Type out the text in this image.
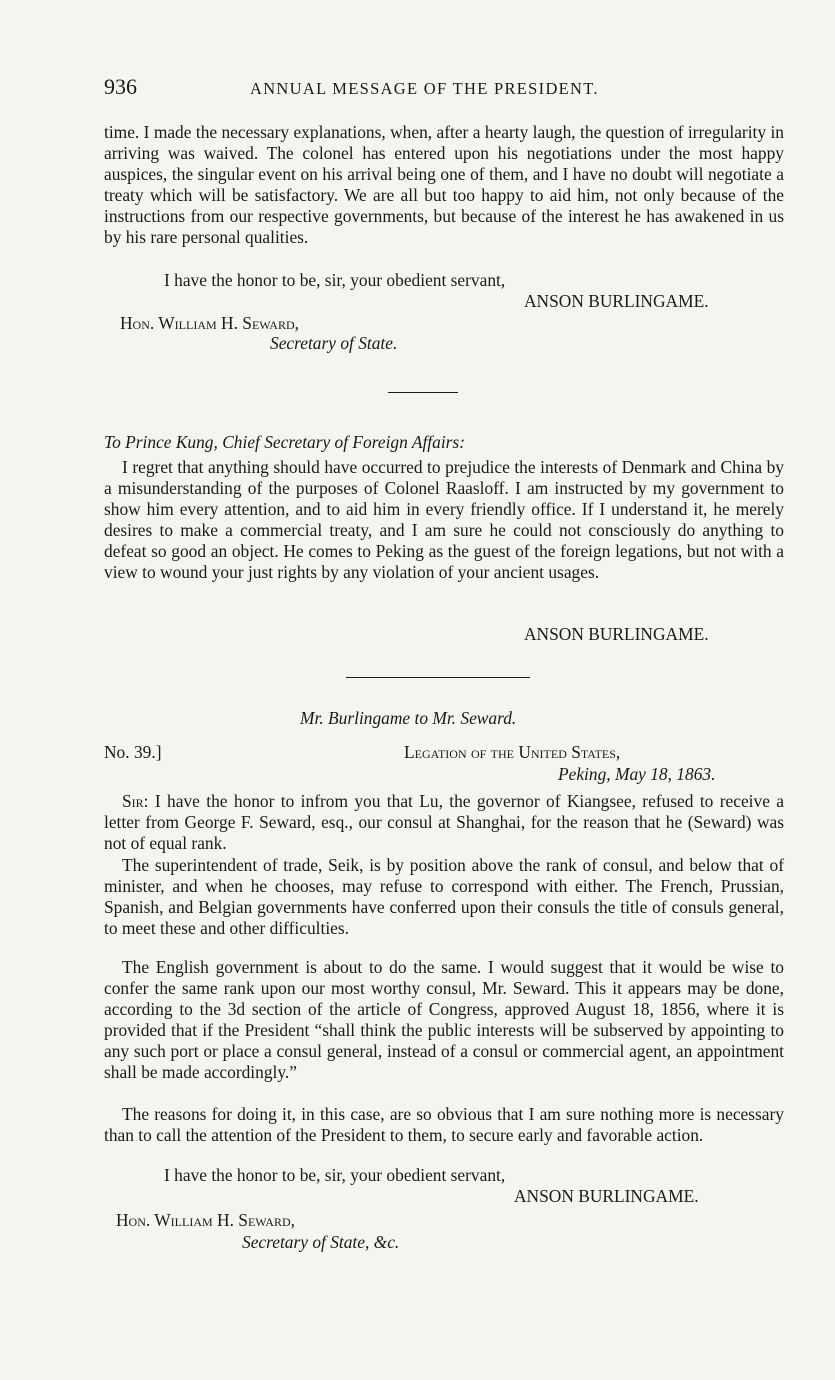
936	ANNUAL MESSAGE OF THE PRESIDENT.

time. I made the necessary explanations, when, after a hearty laugh, the question of irregularity in arriving was waived. The colonel has entered upon his negotiations under the most happy auspices, the singular event on his arrival being one of them, and I have no doubt will negotiate a treaty which will be satisfactory. We are all but too happy to aid him, not only because of the instructions from our respective governments, but because of the interest he has awakened in us by his rare personal qualities.

I have the honor to be, sir, your obedient servant,

ANSON BURLINGAME.

Hon. William H. Seward,

Secretary of State.

To Prince Kung, Chief Secretary of Foreign Affairs:

I regret that anything should have occurred to prejudice the interests of Denmark and China by a misunderstanding of the purposes of Colonel Raasloff. I am instructed by my government to show him every attention, and to aid him in every friendly office. If I understand it, he merely desires to make a commercial treaty, and I am sure he could not consciously do anything to defeat so good an object. He comes to Peking as the guest of the foreign legations, but not with a view to wound your just rights by any violation of your ancient usages.

ANSON BURLINGAME.

Mr. Burlingame to Mr. Seward.

No. 39.]	Legation of the United States,

Peking, May 18, 1863.

Sir: I have the honor to infrom you that Lu, the governor of Kiangsee, refused to receive a letter from George F. Seward, esq., our consul at Shanghai, for the reason that he (Seward) was not of equal rank.

The superintendent of trade, Seik, is by position above the rank of consul, and below that of minister, and when he chooses, may refuse to correspond with either. The French, Prussian, Spanish, and Belgian governments have conferred upon their consuls the title of consuls general, to meet these and other difficulties.

The English government is about to do the same. I would suggest that it would be wise to confer the same rank upon our most worthy consul, Mr. Seward. This it appears may be done, according to the 3d section of the article of Congress, approved August 18, 1856, where it is provided that if the President “shall think the public interests will be subserved by appointing to any such port or place a consul general, instead of a consul or commercial agent, an appointment shall be made accordingly.”

The reasons for doing it, in this case, are so obvious that I am sure nothing more is necessary than to call the attention of the President to them, to secure early and favorable action.

I have the honor to be, sir, your obedient servant,

ANSON BURLINGAME.

Hon. William H. Seward,

Secretary of State, &c.
